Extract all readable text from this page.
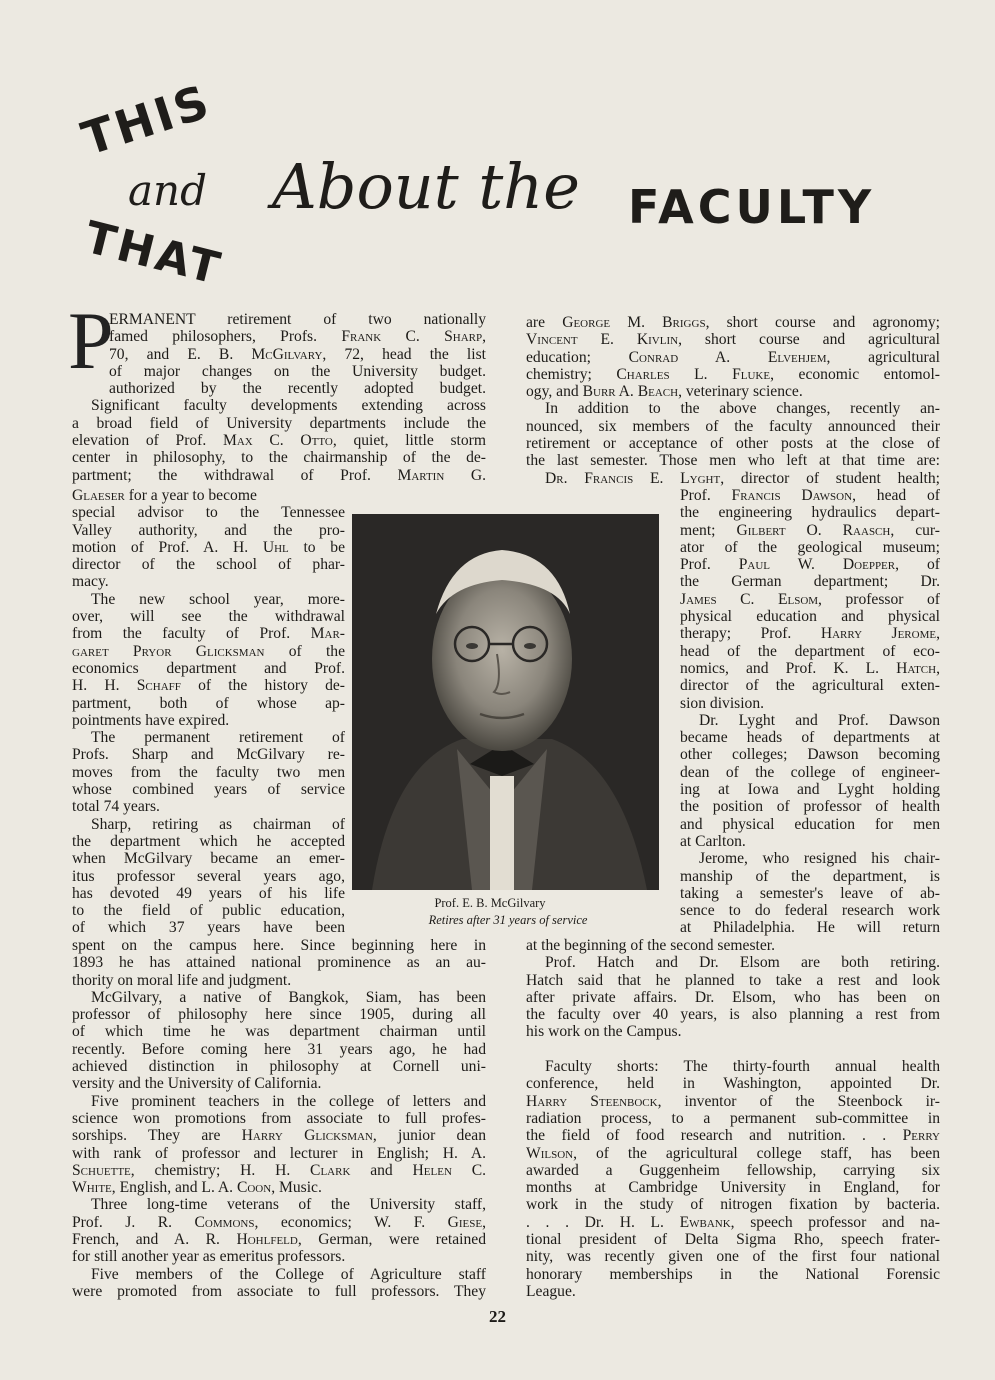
THIS
and
THAT
About the FACULTY
P
ERMANENT retirement of two nationally
famed philosophers, Profs. Frank C. Sharp,
70, and E. B. McGilvary, 72, head the list
of major changes on the University budget.
authorized by the recently adopted budget.
Significant faculty developments extending across
a broad field of University departments include the
elevation of Prof. Max C. Otto, quiet, little storm
center in philosophy, to the chairmanship of the de-
partment; the withdrawal of Prof. Martin G.
Glaeser for a year to become
special advisor to the Tennessee
Valley authority, and the pro-
motion of Prof. A. H. Uhl to be
director of the school of phar-
macy.
The new school year, more-
over, will see the withdrawal
from the faculty of Prof. Mar-
garet Pryor Glicksman of the
economics department and Prof.
H. H. Schaff of the history de-
partment, both of whose ap-
pointments have expired.
The permanent retirement of
Profs. Sharp and McGilvary re-
moves from the faculty two men
whose combined years of service
total 74 years.
Sharp, retiring as chairman of
the department which he accepted
when McGilvary became an emer-
itus professor several years ago,
has devoted 49 years of his life
to the field of public education,
of which 37 years have been
spent on the campus here. Since beginning here in
1893 he has attained national prominence as an au-
thority on moral life and judgment.
McGilvary, a native of Bangkok, Siam, has been
professor of philosophy here since 1905, during all
of which time he was department chairman until
recently. Before coming here 31 years ago, he had
achieved distinction in philosophy at Cornell uni-
versity and the University of California.
Five prominent teachers in the college of letters and
science won promotions from associate to full profes-
sorships. They are Harry Glicksman, junior dean
with rank of professor and lecturer in English; H. A.
Schuette, chemistry; H. H. Clark and Helen C.
White, English, and L. A. Coon, Music.
Three long-time veterans of the University staff,
Prof. J. R. Commons, economics; W. F. Giese,
French, and A. R. Hohlfeld, German, were retained
for still another year as emeritus professors.
Five members of the College of Agriculture staff
were promoted from associate to full professors. They
Prof. E. B. McGilvary
Retires after 31 years of service
are George M. Briggs, short course and agronomy;
Vincent E. Kivlin, short course and agricultural
education; Conrad A. Elvehjem, agricultural
chemistry; Charles L. Fluke, economic entomol-
ogy, and Burr A. Beach, veterinary science.
In addition to the above changes, recently an-
nounced, six members of the faculty announced their
retirement or acceptance of other posts at the close of
the last semester. Those men who left at that time are:
Dr. Francis E. Lyght, director of student health;
Prof. Francis Dawson, head of
the engineering hydraulics depart-
ment; Gilbert O. Raasch, cur-
ator of the geological museum;
Prof. Paul W. Doepper, of
the German department; Dr.
James C. Elsom, professor of
physical education and physical
therapy; Prof. Harry Jerome,
head of the department of eco-
nomics, and Prof. K. L. Hatch,
director of the agricultural exten-
sion division.
Dr. Lyght and Prof. Dawson
became heads of departments at
other colleges; Dawson becoming
dean of the college of engineer-
ing at Iowa and Lyght holding
the position of professor of health
and physical education for men
at Carlton.
Jerome, who resigned his chair-
manship of the department, is
taking a semester's leave of ab-
sence to do federal research work
at Philadelphia. He will return
at the beginning of the second semester.
Prof. Hatch and Dr. Elsom are both retiring.
Hatch said that he planned to take a rest and look
after private affairs. Dr. Elsom, who has been on
the faculty over 40 years, is also planning a rest from
his work on the Campus.

Faculty shorts: The thirty-fourth annual health
conference, held in Washington, appointed Dr.
Harry Steenbock, inventor of the Steenbock ir-
radiation process, to a permanent sub-committee in
the field of food research and nutrition. . . Perry
Wilson, of the agricultural college staff, has been
awarded a Guggenheim fellowship, carrying six
months at Cambridge University in England, for
work in the study of nitrogen fixation by bacteria.
. . . Dr. H. L. Ewbank, speech professor and na-
tional president of Delta Sigma Rho, speech frater-
nity, was recently given one of the first four national
honorary memberships in the National Forensic
League.
22
